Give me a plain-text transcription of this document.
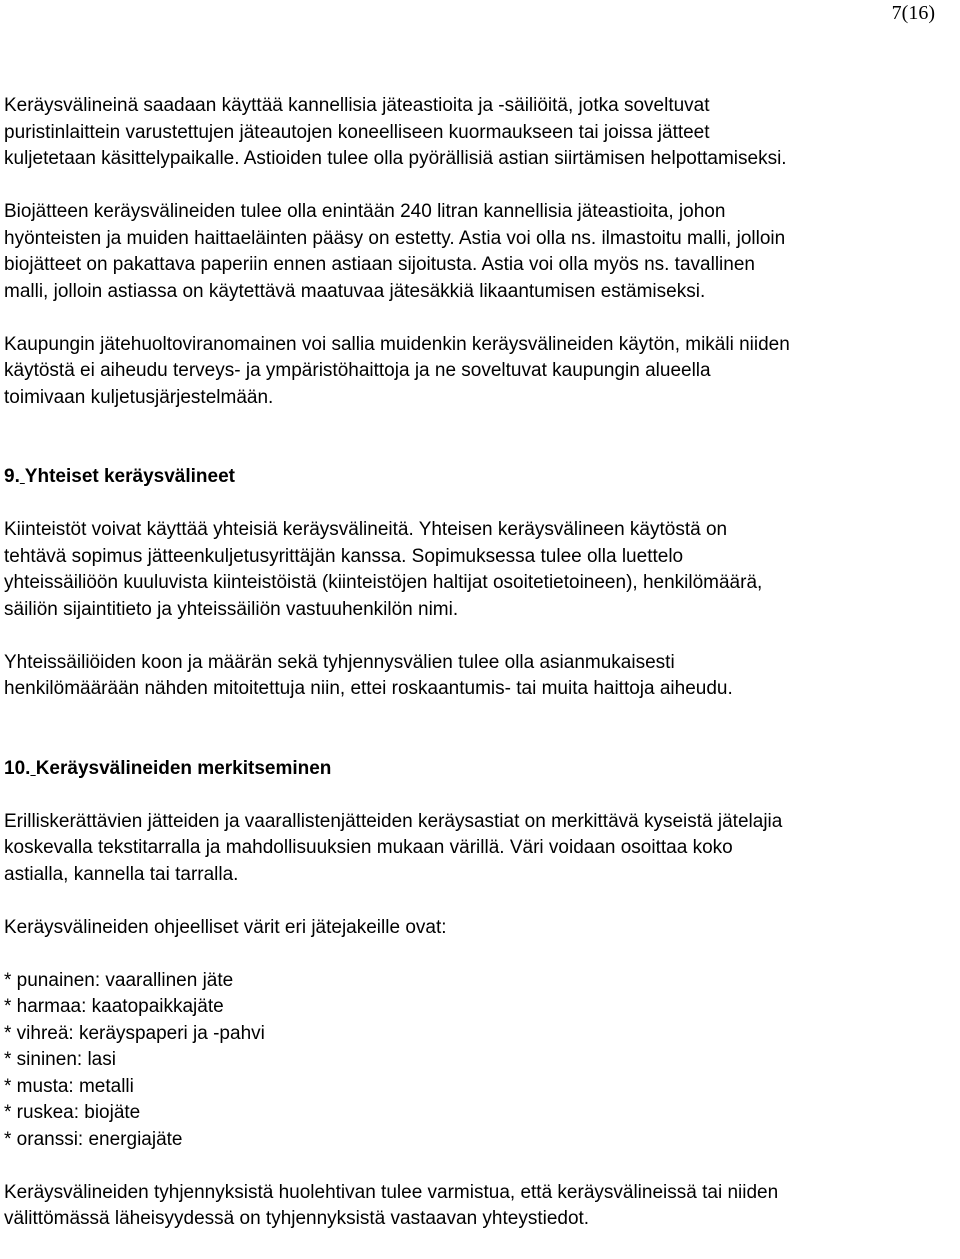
7(16)
Keräysvälineinä saadaan käyttää kannellisia jäteastioita ja -säiliöitä, jotka soveltuvat
puristinlaittein varustettujen jäteautojen koneelliseen kuormaukseen tai joissa jätteet
kuljetetaan käsittelypaikalle. Astioiden tulee olla pyörällisiä astian siirtämisen helpottamiseksi.
Biojätteen keräysvälineiden tulee olla enintään 240 litran kannellisia jäteastioita, johon
hyönteisten ja muiden haittaeläinten pääsy on estetty. Astia voi olla ns. ilmastoitu malli, jolloin
biojätteet on pakattava paperiin ennen astiaan sijoitusta. Astia voi olla myös ns. tavallinen
malli, jolloin astiassa on käytettävä maatuvaa jätesäkkiä likaantumisen estämiseksi.
Kaupungin jätehuoltoviranomainen voi sallia muidenkin keräysvälineiden käytön, mikäli niiden
käytöstä ei aiheudu terveys- ja ympäristöhaittoja ja ne soveltuvat kaupungin alueella
toimivaan kuljetusjärjestelmään.
9. Yhteiset keräysvälineet
Kiinteistöt voivat käyttää yhteisiä keräysvälineitä. Yhteisen keräysvälineen käytöstä on
tehtävä sopimus jätteenkuljetusyrittäjän kanssa. Sopimuksessa tulee olla luettelo
yhteissäiliöön kuuluvista kiinteistöistä (kiinteistöjen haltijat osoitetietoineen), henkilömäärä,
säiliön sijaintitieto ja yhteissäiliön vastuuhenkilön nimi.
Yhteissäiliöiden koon ja määrän sekä tyhjennysvälien tulee olla asianmukaisesti
henkilömäärään nähden mitoitettuja niin, ettei roskaantumis- tai muita haittoja aiheudu.
10. Keräysvälineiden merkitseminen
Erilliskerättävien jätteiden ja vaarallistenjätteiden keräysastiat on merkittävä kyseistä jätelajia
koskevalla tekstitarralla ja mahdollisuuksien mukaan värillä. Väri voidaan osoittaa koko
astialla, kannella tai tarralla.
Keräysvälineiden ohjeelliset värit eri jätejakeille ovat:
* punainen: vaarallinen jäte
* harmaa: kaatopaikkajäte
* vihreä: keräyspaperi ja -pahvi
* sininen: lasi
* musta: metalli
* ruskea: biojäte
* oranssi: energiajäte
Keräysvälineiden tyhjennyksistä huolehtivan tulee varmistua, että keräysvälineissä tai niiden
välittömässä läheisyydessä on tyhjennyksistä vastaavan yhteystiedot.
